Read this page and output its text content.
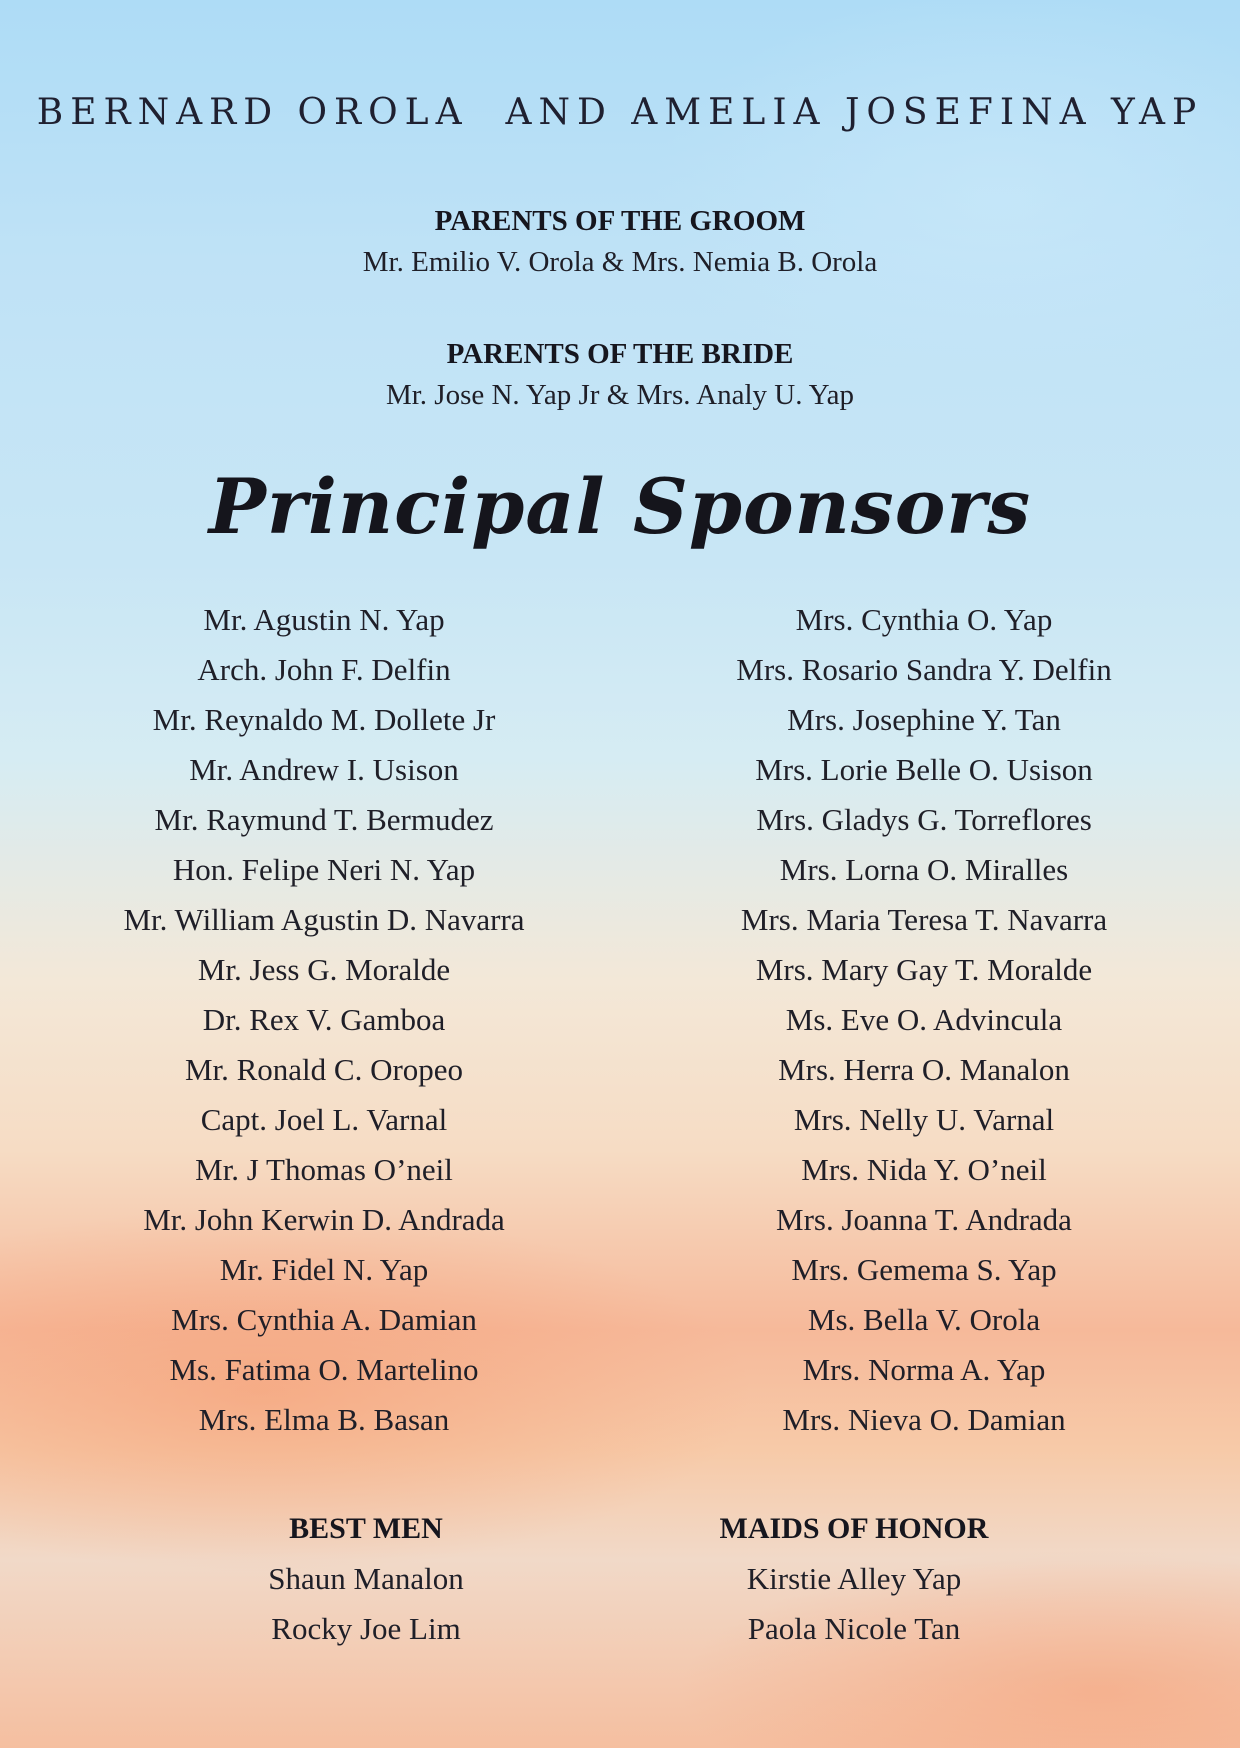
BERNARD OROLA  AND AMELIA JOSEFINA YAP

PARENTS OF THE GROOM

Mr. Emilio V. Orola & Mrs. Nemia B. Orola

PARENTS OF THE BRIDE

Mr. Jose N. Yap Jr & Mrs. Analy U. Yap

Principal Sponsors
Mr. Agustin N. Yap
Arch. John F. Delfin
Mr. Reynaldo M. Dollete Jr
Mr. Andrew I. Usison
Mr. Raymund T. Bermudez
Hon. Felipe Neri N. Yap
Mr. William Agustin D. Navarra
Mr. Jess G. Moralde
Dr. Rex V. Gamboa
Mr. Ronald C. Oropeo
Capt. Joel L. Varnal
Mr. J Thomas O’neil
Mr. John Kerwin D. Andrada
Mr. Fidel N. Yap
Mrs. Cynthia A. Damian
Ms. Fatima O. Martelino
Mrs. Elma B. Basan
Mrs. Cynthia O. Yap
Mrs. Rosario Sandra Y. Delfin
Mrs. Josephine Y. Tan
Mrs. Lorie Belle O. Usison
Mrs. Gladys G. Torreflores
Mrs. Lorna O. Miralles
Mrs. Maria Teresa T. Navarra
Mrs. Mary Gay T. Moralde
Ms. Eve O. Advincula
Mrs. Herra O. Manalon
Mrs. Nelly U. Varnal
Mrs. Nida Y. O’neil
Mrs. Joanna T. Andrada
Mrs. Gemema S. Yap
Ms. Bella V. Orola
Mrs. Norma A. Yap
Mrs. Nieva O. Damian

BEST MEN

Shaun Manalon
Rocky Joe Lim

MAIDS OF HONOR

Kirstie Alley Yap
Paola Nicole Tan
